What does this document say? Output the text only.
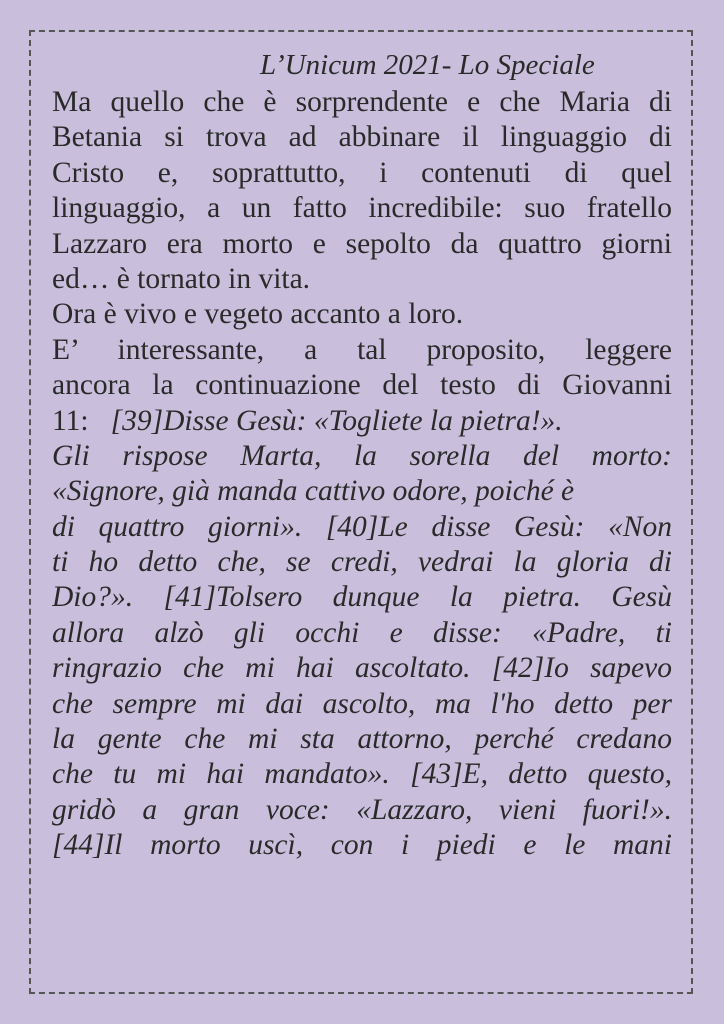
L’Unicum 2021- Lo Speciale
Ma quello che è sorprendente e che Maria di
Betania si trova ad abbinare il linguaggio di
Cristo e, soprattutto, i contenuti di quel
linguaggio, a un fatto incredibile: suo fratello
Lazzaro era morto e sepolto da quattro giorni
ed… è tornato in vita.
Ora è vivo e vegeto accanto a loro.
E’ interessante, a tal proposito, leggere
ancora la continuazione del testo di Giovanni
11: [39]Disse Gesù: «Togliete la pietra!».
Gli rispose Marta, la sorella del morto:
«Signore, già manda cattivo odore, poiché è
di quattro giorni». [40]Le disse Gesù: «Non
ti ho detto che, se credi, vedrai la gloria di
Dio?». [41]Tolsero dunque la pietra. Gesù
allora alzò gli occhi e disse: «Padre, ti
ringrazio che mi hai ascoltato. [42]Io sapevo
che sempre mi dai ascolto, ma l'ho detto per
la gente che mi sta attorno, perché credano
che tu mi hai mandato». [43]E, detto questo,
gridò a gran voce: «Lazzaro, vieni fuori!».
[44]Il morto uscì, con i piedi e le mani
